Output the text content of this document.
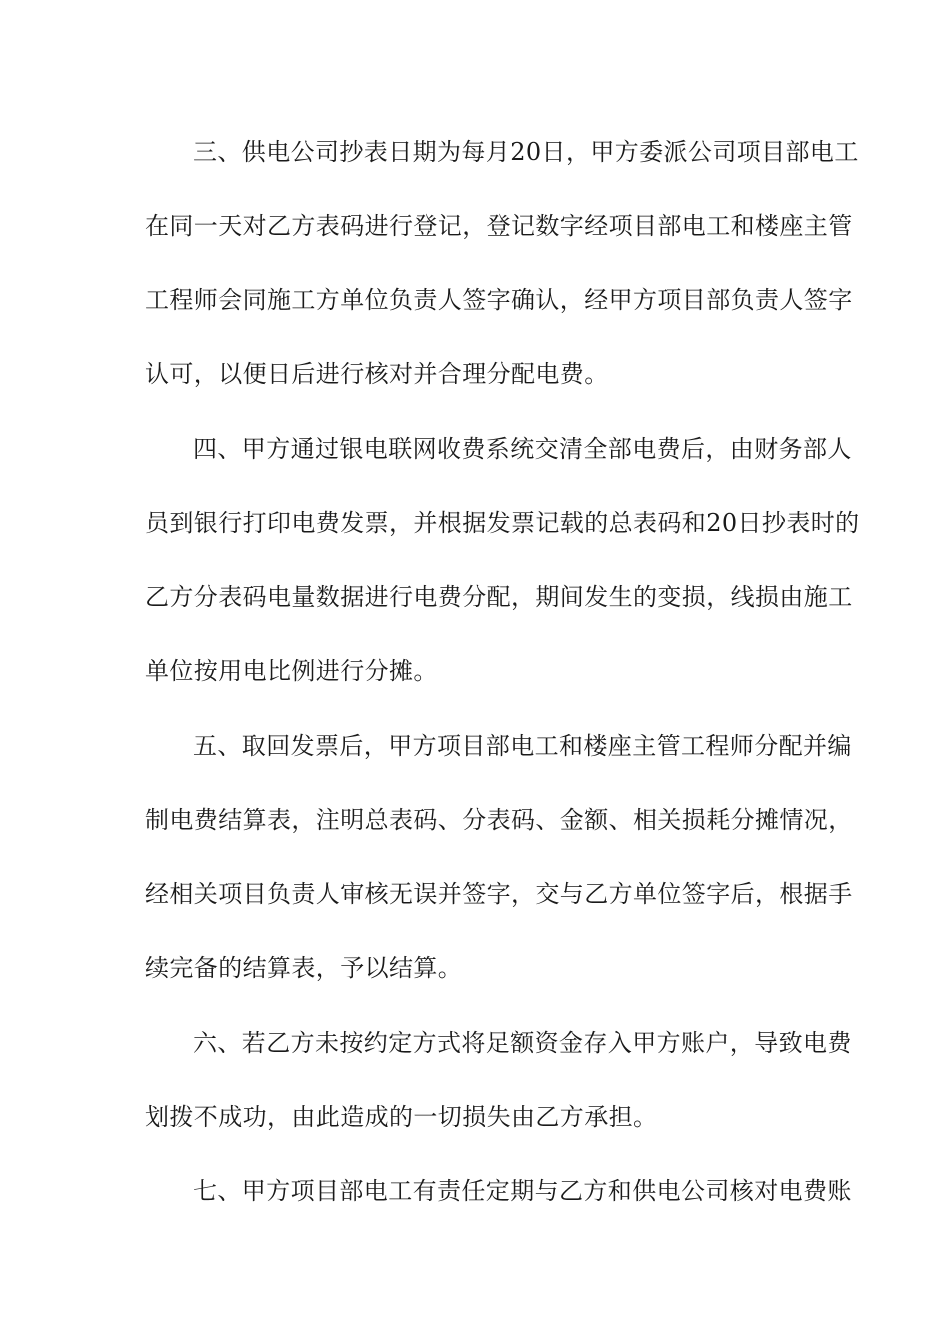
三、供电公司抄表日期为每月20日，甲方委派公司项目部电工
在同一天对乙方表码进行登记，登记数字经项目部电工和楼座主管
工程师会同施工方单位负责人签字确认，经甲方项目部负责人签字
认可，以便日后进行核对并合理分配电费。
四、甲方通过银电联网收费系统交清全部电费后，由财务部人
员到银行打印电费发票，并根据发票记载的总表码和20日抄表时的
乙方分表码电量数据进行电费分配，期间发生的变损，线损由施工
单位按用电比例进行分摊。
五、取回发票后，甲方项目部电工和楼座主管工程师分配并编
制电费结算表，注明总表码、分表码、金额、相关损耗分摊情况，
经相关项目负责人审核无误并签字，交与乙方单位签字后，根据手
续完备的结算表，予以结算。
六、若乙方未按约定方式将足额资金存入甲方账户，导致电费
划拨不成功，由此造成的一切损失由乙方承担。
七、甲方项目部电工有责任定期与乙方和供电公司核对电费账
